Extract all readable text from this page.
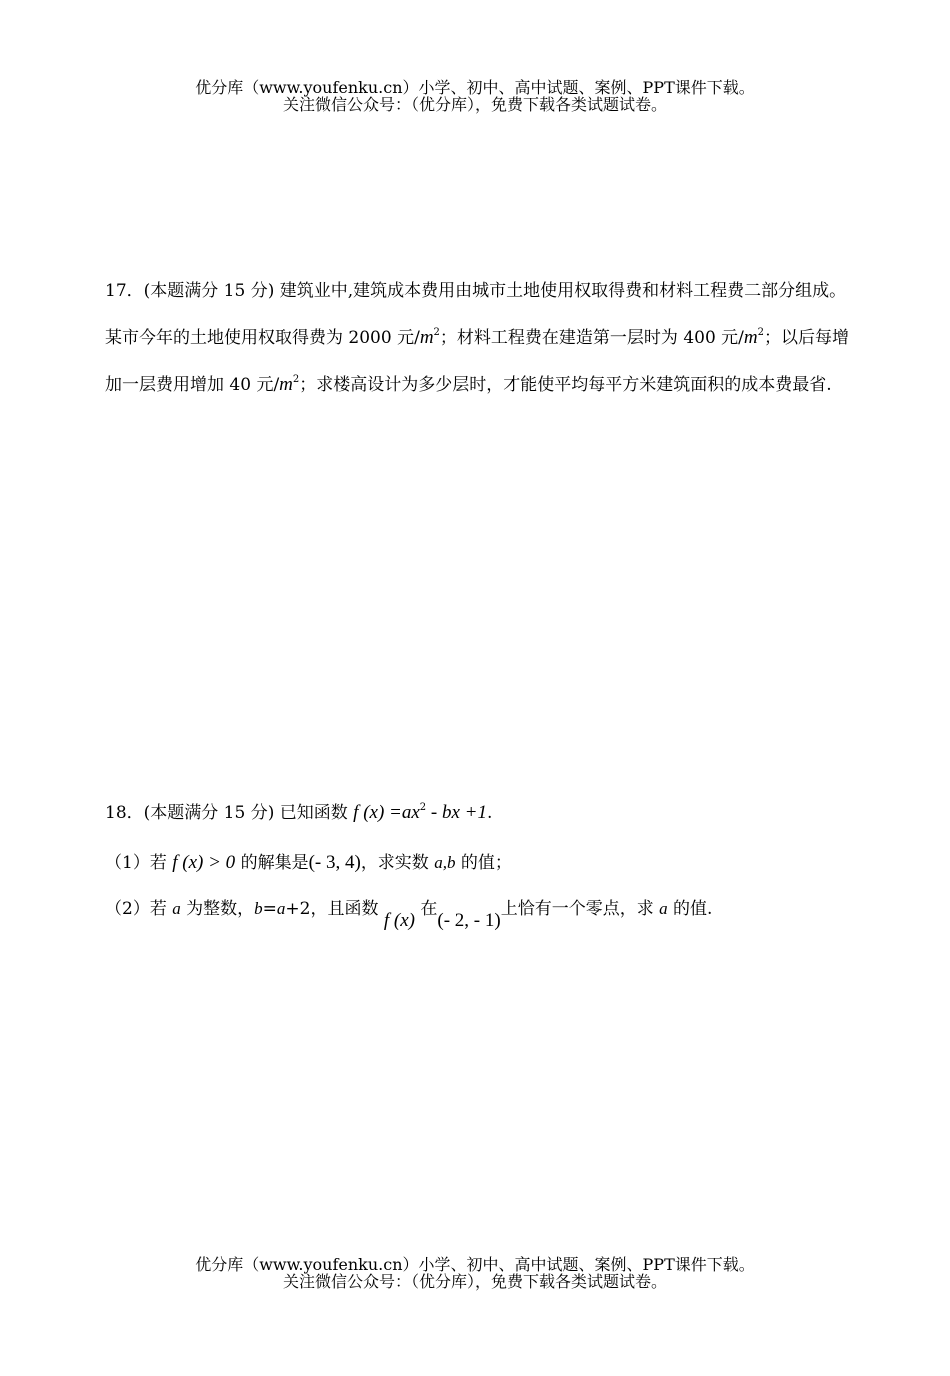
优分库（www.youfenku.cn）小学、初中、高中试题、案例、PPT课件下载。
关注微信公众号：（优分库），免费下载各类试题试卷。
17．(本题满分 15 分) 建筑业中,建筑成本费用由城市土地使用权取得费和材料工程费二部分组成。某市今年的土地使用权取得费为 2000 元$/m^2$；材料工程费在建造第一层时为 400 元$/m^2$；以后每增加一层费用增加 40 元$/m^2$；求楼高设计为多少层时，才能使平均每平方米建筑面积的成本费最省.
18．(本题满分 15 分) 已知函数 f $(x) =ax^2$ - bx +1.
（1）若 f (x) > 0 的解集是(- 3, 4)，求实数 a,b 的值；
（2）若 a 为整数，b=a+2，且函数 f (x) 在(- 2, - 1)上恰有一个零点，求 a 的值.
优分库（www.youfenku.cn）小学、初中、高中试题、案例、PPT课件下载。
关注微信公众号：（优分库），免费下载各类试题试卷。
